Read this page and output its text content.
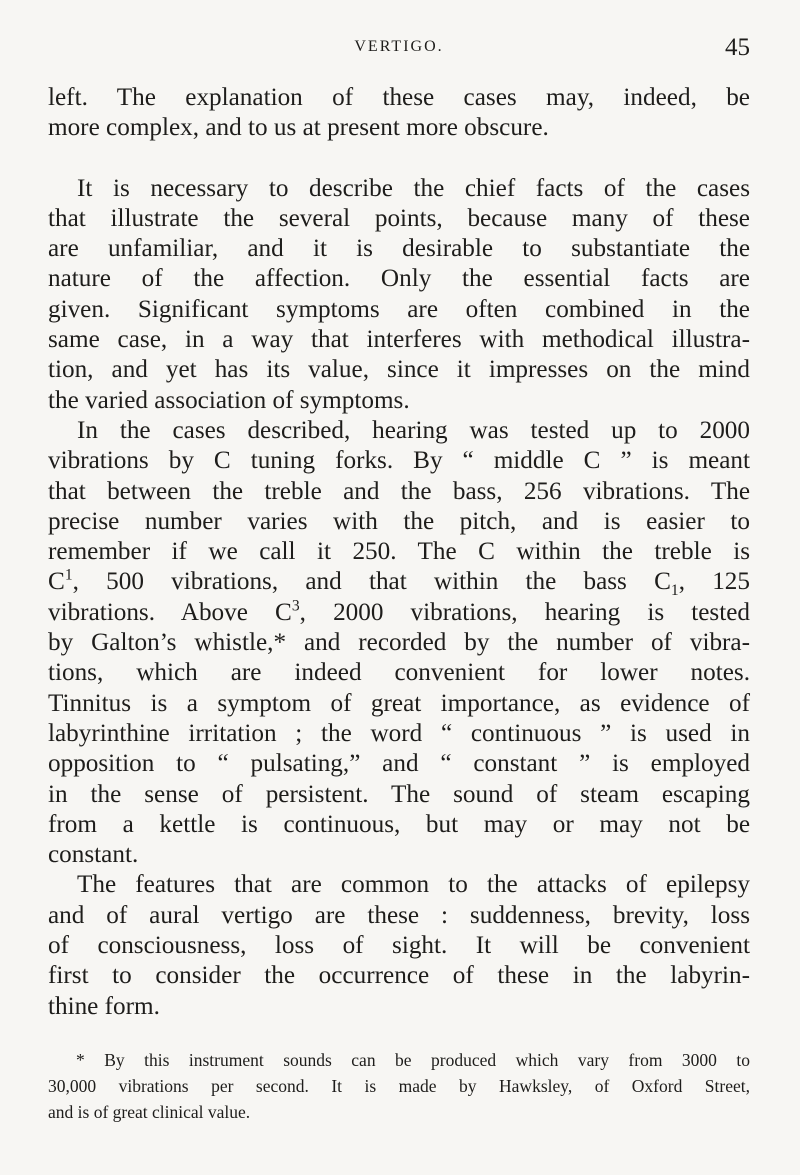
VERTIGO.	45
left. The explanation of these cases may, indeed, be
more complex, and to us at present more obscure.
It is necessary to describe the chief facts of the cases
that illustrate the several points, because many of these
are unfamiliar, and it is desirable to substantiate the
nature of the affection. Only the essential facts are
given. Significant symptoms are often combined in the
same case, in a way that interferes with methodical illustra-
tion, and yet has its value, since it impresses on the mind
the varied association of symptoms.
In the cases described, hearing was tested up to 2000
vibrations by C tuning forks. By “ middle C ” is meant
that between the treble and the bass, 256 vibrations. The
precise number varies with the pitch, and is easier to
remember if we call it 250. The C within the treble is
$C^1$, 500 vibrations, and that within the bass $C_1$, 125
vibrations. Above $C^3$, 2000 vibrations, hearing is tested
by Galton’s whistle,* and recorded by the number of vibra-
tions, which are indeed convenient for lower notes.
Tinnitus is a symptom of great importance, as evidence of
labyrinthine irritation ; the word “ continuous ” is used in
opposition to “ pulsating,” and “ constant ” is employed
in the sense of persistent. The sound of steam escaping
from a kettle is continuous, but may or may not be
constant.
The features that are common to the attacks of epilepsy
and of aural vertigo are these : suddenness, brevity, loss
of consciousness, loss of sight. It will be convenient
first to consider the occurrence of these in the labyrin-
thine form.
* By this instrument sounds can be produced which vary from 3000 to
30,000 vibrations per second. It is made by Hawksley, of Oxford Street,
and is of great clinical value.
